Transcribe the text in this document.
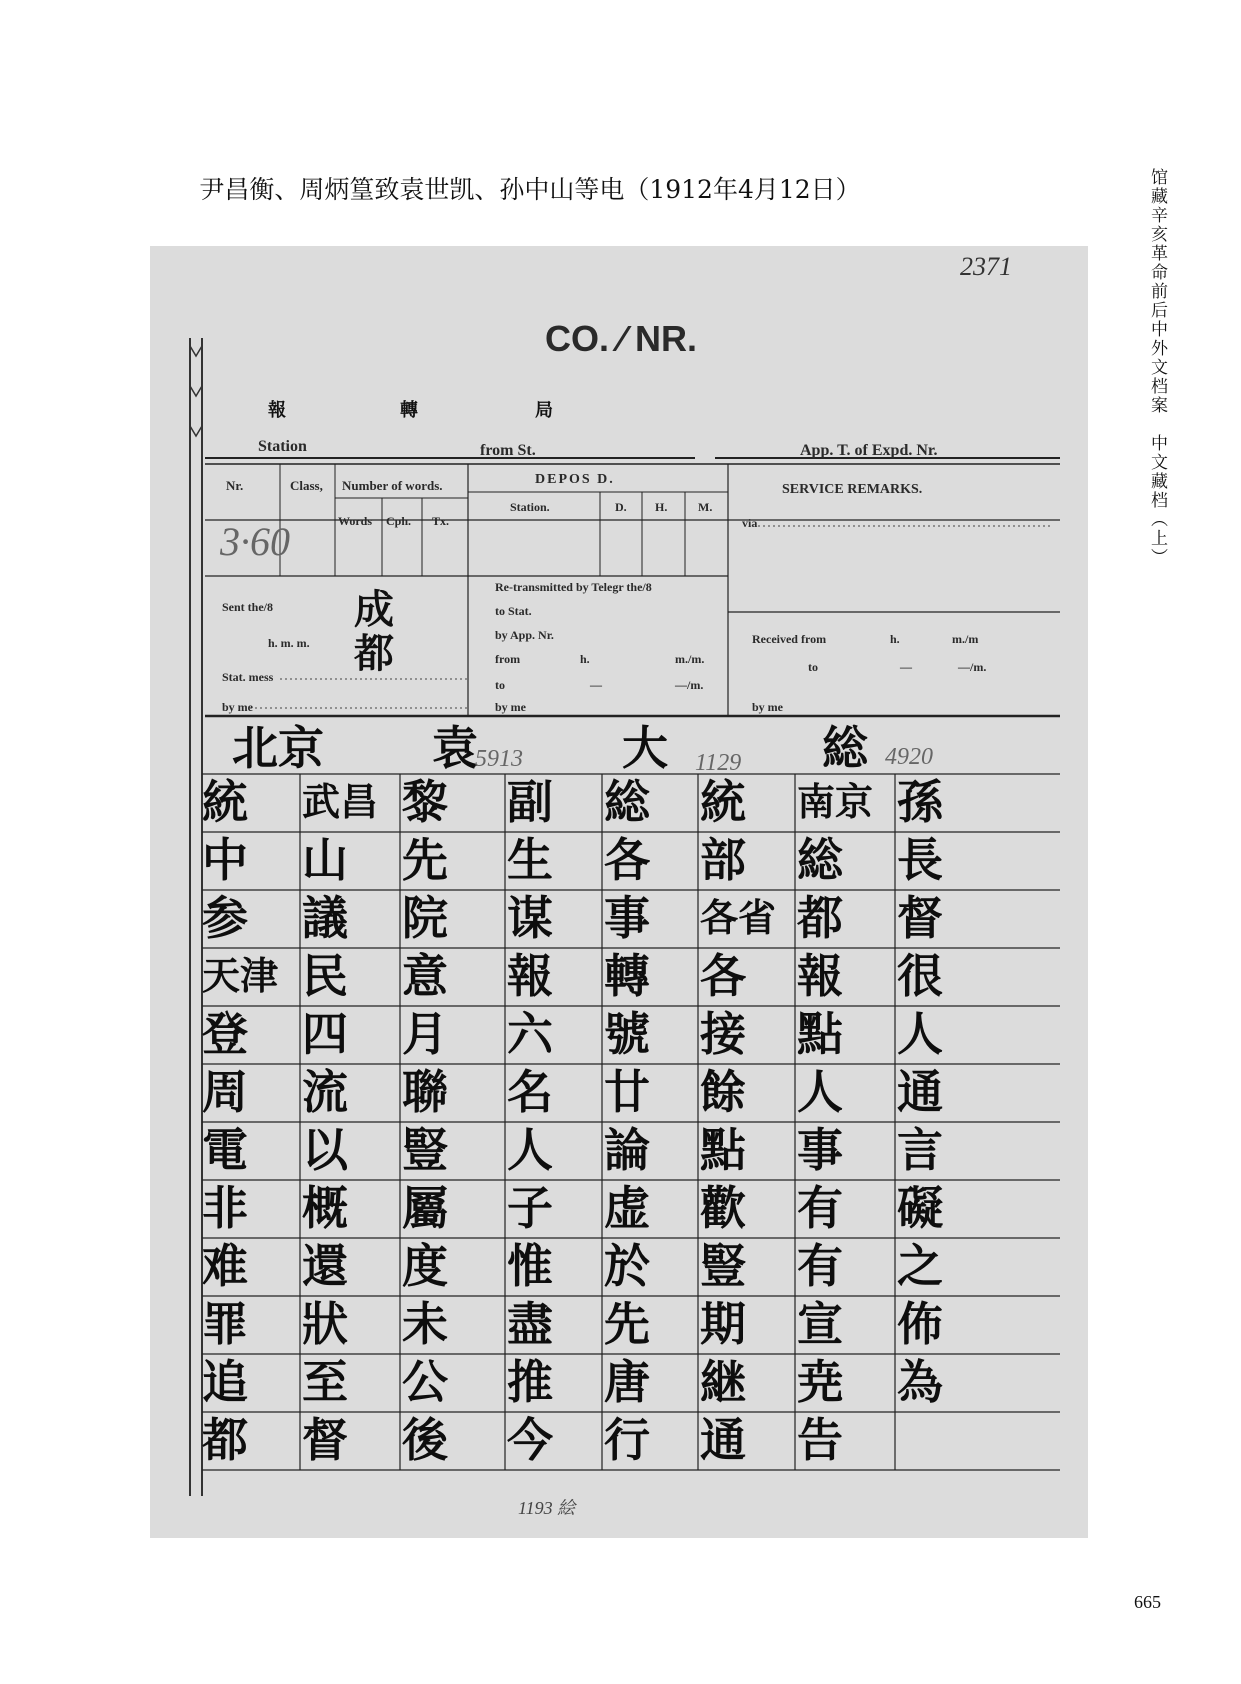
尹昌衡、周炳篁致袁世凯、孙中山等电（1912年4月12日）	馆藏辛亥革命前后中外文档案　中文藏档（上）
665
2371
CO. ⁄ NR.
報	轉	局
Station	from St.	App. T. of Expd. Nr.
Nr.	Class, Number of words.
Words Cph. Tx.
DEPOS D.
Station.	D. H.	M.
SERVICE REMARKS.
via
3·60
Sent the/8
h. m. m.
Stat. mess
by me
成都
Re-transmitted by Telegr the/8
to Stat.
by App. Nr.
from	h.	m./m.
to	—	—/m.
by me
Received from	h.	m./m
to	—	—/m.
by me
北京 袁	大	総
5913	1129	4920
統 武昌 黎 副 総 統 南京 孫
中 山 先 生 各 部 総 長
参 議 院 谋 事 各省 都 督
天津 民 意 報 轉 各 報 很
登 四 月 六 號 接 點 人
周 流 聯 名 廿 餘 人 通
電 以 豎 人 論 點 事 言
非 概 屬 子 虚 歡 有 礙
难 還 度 惟 於 豎 有 之
罪 狀 未 盡 先 期 宣 佈
追 至 公 推 唐 継 尭 為
都 督 後 今 行 通 告
1193 絵
